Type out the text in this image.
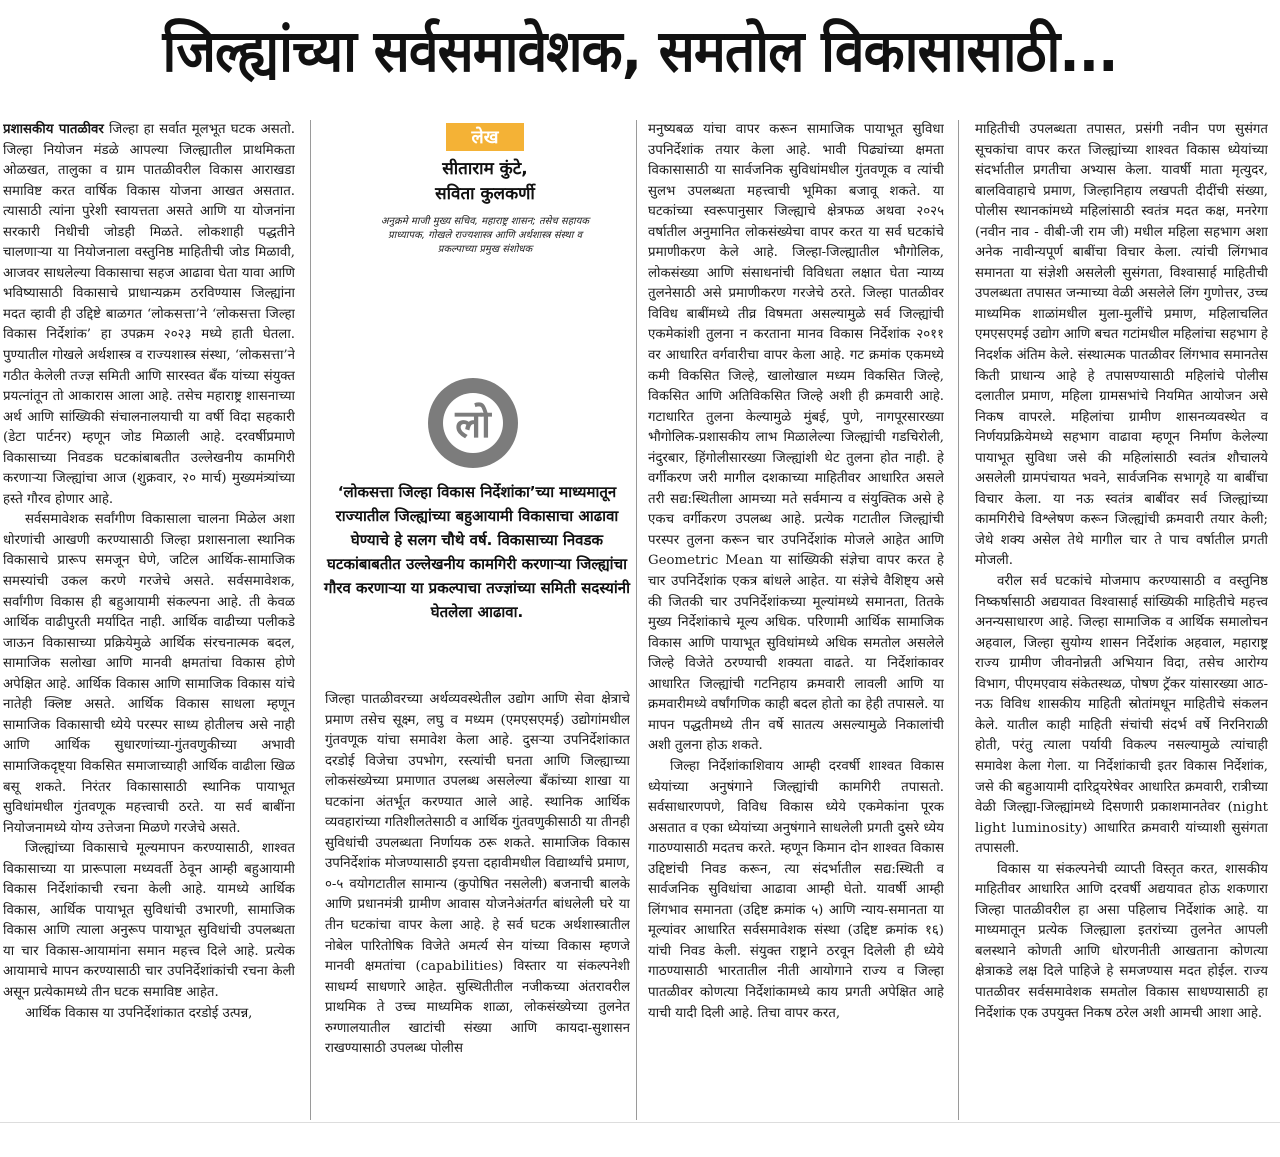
जिल्ह्यांच्या सर्वसमावेशक, समतोल विकासासाठी...

प्रशासकीय पातळीवर जिल्हा हा सर्वात मूलभूत घटक असतो. जिल्हा नियोजन मंडळे आपल्या जिल्ह्यातील प्राथमिकता ओळखत, तालुका व ग्राम पातळीवरील विकास आराखडा समाविष्ट करत वार्षिक विकास योजना आखत असतात. त्यासाठी त्यांना पुरेशी स्वायत्तता असते आणि या योजनांना सरकारी निधीची जोडही मिळते. लोकशाही पद्धतीने चालणाऱ्या या नियोजनाला वस्तुनिष्ठ माहितीची जोड मिळावी, आजवर साधलेल्या विकासाचा सहज आढावा घेता यावा आणि भविष्यासाठी विकासाचे प्राधान्यक्रम ठरविण्यास जिल्ह्यांना मदत व्हावी ही उद्दिष्टे बाळगत ‘लोकसत्ता’ने ‘लोकसत्ता जिल्हा विकास निर्देशांक’ हा उपक्रम २०२३ मध्ये हाती घेतला. पुण्यातील गोखले अर्थशास्त्र व राज्यशास्त्र संस्था, ‘लोकसत्ता’ने गठीत केलेली तज्ज्ञ समिती आणि सारस्वत बँक यांच्या संयुक्त प्रयत्नांतून तो आकारास आला आहे. तसेच महाराष्ट्र शासनाच्या अर्थ आणि सांख्यिकी संचालनालयाची या वर्षी विदा सहकारी (डेटा पार्टनर) म्हणून जोड मिळाली आहे. दरवर्षीप्रमाणे विकासाच्या निवडक घटकांबाबतीत उल्लेखनीय कामगिरी करणाऱ्या जिल्ह्यांचा आज (शुक्रवार, २० मार्च) मुख्यमंत्र्यांच्या हस्ते गौरव होणार आहे.

सर्वसमावेशक सर्वांगीण विकासाला चालना मिळेल अशा धोरणांची आखणी करण्यासाठी जिल्हा प्रशासनाला स्थानिक विकासाचे प्रारूप समजून घेणे, जटिल आर्थिक-सामाजिक समस्यांची उकल करणे गरजेचे असते. सर्वसमावेशक, सर्वांगीण विकास ही बहुआयामी संकल्पना आहे. ती केवळ आर्थिक वाढीपुरती मर्यादित नाही. आर्थिक वाढीच्या पलीकडे जाऊन विकासाच्या प्रक्रियेमुळे आर्थिक संरचनात्मक बदल, सामाजिक सलोखा आणि मानवी क्षमतांचा विकास होणे अपेक्षित आहे. आर्थिक विकास आणि सामाजिक विकास यांचे नातेही क्लिष्ट असते. आर्थिक विकास साधला म्हणून सामाजिक विकासाची ध्येये परस्पर साध्य होतीलच असे नाही आणि आर्थिक सुधारणांच्या-गुंतवणुकीच्या अभावी सामाजिकदृष्ट्या विकसित समाजाच्याही आर्थिक वाढीला खिळ बसू शकते. निरंतर विकासासाठी स्थानिक पायाभूत सुविधांमधील गुंतवणूक महत्त्वाची ठरते. या सर्व बाबींना नियोजनामध्ये योग्य उत्तेजना मिळणे गरजेचे असते.

जिल्ह्यांच्या विकासाचे मूल्यमापन करण्यासाठी, शाश्वत विकासाच्या या प्रारूपाला मध्यवर्ती ठेवून आम्ही बहुआयामी विकास निर्देशांकाची रचना केली आहे. यामध्ये आर्थिक विकास, आर्थिक पायाभूत सुविधांची उभारणी, सामाजिक विकास आणि त्याला अनुरूप पायाभूत सुविधांची उपलब्धता या चार विकास-आयामांना समान महत्त्व दिले आहे. प्रत्येक आयामाचे मापन करण्यासाठी चार उपनिर्देशांकांची रचना केली असून प्रत्येकामध्ये तीन घटक समाविष्ट आहेत.

आर्थिक विकास या उपनिर्देशांकात दरडोई उत्पन्न,

लेख
सीताराम कुंटे,
सविता कुलकर्णी
अनुक्रमे माजी मुख्य सचिव, महाराष्ट्र शासन; तसेच सहायक प्राध्यापक, गोखले राज्यशास्त्र आणि अर्थशास्त्र संस्था व प्रकल्पाच्या प्रमुख संशोधक
लो
‘लोकसत्ता जिल्हा विकास निर्देशांका’च्या माध्यमातून राज्यातील जिल्ह्यांच्या बहुआयामी विकासाचा आढावा घेण्याचे हे सलग चौथे वर्ष. विकासाच्या निवडक घटकांबाबतीत उल्लेखनीय कामगिरी करणाऱ्या जिल्ह्यांचा गौरव करणाऱ्या या प्रकल्पाचा तज्ज्ञांच्या समिती सदस्यांनी घेतलेला आढावा.

जिल्हा पातळीवरच्या अर्थव्यवस्थेतील उद्योग आणि सेवा क्षेत्राचे प्रमाण तसेच सूक्ष्म, लघु व मध्यम (एमएसएमई) उद्योगांमधील गुंतवणूक यांचा समावेश केला आहे. दुसऱ्या उपनिर्देशांकात दरडोई विजेचा उपभोग, रस्त्यांची घनता आणि जिल्ह्याच्या लोकसंख्येच्या प्रमाणात उपलब्ध असलेल्या बँकांच्या शाखा या घटकांना अंतर्भूत करण्यात आले आहे. स्थानिक आर्थिक व्यवहारांच्या गतिशीलतेसाठी व आर्थिक गुंतवणुकीसाठी या तीनही सुविधांची उपलब्धता निर्णायक ठरू शकते. सामाजिक विकास उपनिर्देशांक मोजण्यासाठी इयत्ता दहावीमधील विद्यार्थ्यांचे प्रमाण, ०-५ वयोगटातील सामान्य (कुपोषित नसलेली) बजनाची बालके आणि प्रधानमंत्री ग्रामीण आवास योजनेअंतर्गत बांधलेली घरे या तीन घटकांचा वापर केला आहे. हे सर्व घटक अर्थशास्त्रातील नोबेल पारितोषिक विजेते अमर्त्य सेन यांच्या विकास म्हणजे मानवी क्षमतांचा (capabilities) विस्तार या संकल्पनेशी साधर्म्य साधणारे आहेत. सुस्थितीतील नजीकच्या अंतरावरील प्राथमिक ते उच्च माध्यमिक शाळा, लोकसंख्येच्या तुलनेत रुग्णालयातील खाटांची संख्या आणि कायदा-सुशासन राखण्यासाठी उपलब्ध पोलीस

मनुष्यबळ यांचा वापर करून सामाजिक पायाभूत सुविधा उपनिर्देशांक तयार केला आहे. भावी पिढ्यांच्या क्षमता विकासासाठी या सार्वजनिक सुविधांमधील गुंतवणूक व त्यांची सुलभ उपलब्धता महत्त्वाची भूमिका बजावू शकते. या घटकांच्या स्वरूपानुसार जिल्ह्याचे क्षेत्रफळ अथवा २०२५ वर्षातील अनुमानित लोकसंख्येचा वापर करत या सर्व घटकांचे प्रमाणीकरण केले आहे. जिल्हा-जिल्ह्यातील भौगोलिक, लोकसंख्या आणि संसाधनांची विविधता लक्षात घेता न्याय्य तुलनेसाठी असे प्रमाणीकरण गरजेचे ठरते. जिल्हा पातळीवर विविध बाबींमध्ये तीव्र विषमता असल्यामुळे सर्व जिल्ह्यांची एकमेकांशी तुलना न करताना मानव विकास निर्देशांक २०११ वर आधारित वर्गवारीचा वापर केला आहे. गट क्रमांक एकमध्ये कमी विकसित जिल्हे, खालोखाल मध्यम विकसित जिल्हे, विकसित आणि अतिविकसित जिल्हे अशी ही क्रमवारी आहे. गटाधारित तुलना केल्यामुळे मुंबई, पुणे, नागपूरसारख्या भौगोलिक-प्रशासकीय लाभ मिळालेल्या जिल्ह्यांची गडचिरोली, नंदुरबार, हिंगोलीसारख्या जिल्ह्यांशी थेट तुलना होत नाही. हे वर्गीकरण जरी मागील दशकाच्या माहितीवर आधारित असले तरी सद्य:स्थितीला आमच्या मते सर्वमान्य व संयुक्तिक असे हे एकच वर्गीकरण उपलब्ध आहे. प्रत्येक गटातील जिल्ह्यांची परस्पर तुलना करून चार उपनिर्देशांक मोजले आहेत आणि Geometric Mean या सांख्यिकी संज्ञेचा वापर करत हे चार उपनिर्देशांक एकत्र बांधले आहेत. या संज्ञेचे वैशिष्ट्य असे की जितकी चार उपनिर्देशांकच्या मूल्यांमध्ये समानता, तितके मुख्य निर्देशांकाचे मूल्य अधिक. परिणामी आर्थिक सामाजिक विकास आणि पायाभूत सुविधांमध्ये अधिक समतोल असलेले जिल्हे विजेते ठरण्याची शक्यता वाढते. या निर्देशांकावर आधारित जिल्ह्यांची गटनिहाय क्रमवारी लावली आणि या क्रमवारीमध्ये वर्षांगणिक काही बदल होतो का हेही तपासले. या मापन पद्धतीमध्ये तीन वर्षे सातत्य असल्यामुळे निकालांची अशी तुलना होऊ शकते.

जिल्हा निर्देशांकाशिवाय आम्ही दरवर्षी शाश्वत विकास ध्येयांच्या अनुषंगाने जिल्ह्यांची कामगिरी तपासतो. सर्वसाधारणपणे, विविध विकास ध्येये एकमेकांना पूरक असतात व एका ध्येयांच्या अनुषंगाने साधलेली प्रगती दुसरे ध्येय गाठण्यासाठी मदतच करते. म्हणून किमान दोन शाश्वत विकास उद्दिष्टांची निवड करून, त्या संदर्भातील सद्य:स्थिती व सार्वजनिक सुविधांचा आढावा आम्ही घेतो. यावर्षी आम्ही लिंगभाव समानता (उद्दिष्ट क्रमांक ५) आणि न्याय-समानता या मूल्यांवर आधारित सर्वसमावेशक संस्था (उद्दिष्ट क्रमांक १६) यांची निवड केली. संयुक्त राष्ट्राने ठरवून दिलेली ही ध्येये गाठण्यासाठी भारतातील नीती आयोगाने राज्य व जिल्हा पातळीवर कोणत्या निर्देशांकामध्ये काय प्रगती अपेक्षित आहे याची यादी दिली आहे. तिचा वापर करत,

माहितीची उपलब्धता तपासत, प्रसंगी नवीन पण सुसंगत सूचकांचा वापर करत जिल्ह्यांच्या शाश्वत विकास ध्येयांच्या संदर्भातील प्रगतीचा अभ्यास केला. यावर्षी माता मृत्युदर, बालविवाहाचे प्रमाण, जिल्हानिहाय लखपती दीदींची संख्या, पोलीस स्थानकांमध्ये महिलांसाठी स्वतंत्र मदत कक्ष, मनरेगा (नवीन नाव - वीबी-जी राम जी) मधील महिला सहभाग अशा अनेक नावीन्यपूर्ण बाबींचा विचार केला. त्यांची लिंगभाव समानता या संज्ञेशी असलेली सुसंगता, विश्वासार्ह माहितीची उपलब्धता तपासत जन्माच्या वेळी असलेले लिंग गुणोत्तर, उच्च माध्यमिक शाळांमधील मुला-मुलींचे प्रमाण, महिलाचलित एमएसएमई उद्योग आणि बचत गटांमधील महिलांचा सहभाग हे निदर्शक अंतिम केले. संस्थात्मक पातळीवर लिंगभाव समानतेस किती प्राधान्य आहे हे तपासण्यासाठी महिलांचे पोलीस दलातील प्रमाण, महिला ग्रामसभांचे नियमित आयोजन असे निकष वापरले. महिलांचा ग्रामीण शासनव्यवस्थेत व निर्णयप्रक्रियेमध्ये सहभाग वाढावा म्हणून निर्माण केलेल्या पायाभूत सुविधा जसे की महिलांसाठी स्वतंत्र शौचालये असलेली ग्रामपंचायत भवने, सार्वजनिक सभागृहे या बाबींचा विचार केला. या नऊ स्वतंत्र बाबींवर सर्व जिल्ह्यांच्या कामगिरीचे विश्लेषण करून जिल्ह्यांची क्रमवारी तयार केली; जेथे शक्य असेल तेथे मागील चार ते पाच वर्षातील प्रगती मोजली.

वरील सर्व घटकांचे मोजमाप करण्यासाठी व वस्तुनिष्ठ निष्कर्षासाठी अद्ययावत विश्वासार्ह सांख्यिकी माहितीचे महत्त्व अनन्यसाधारण आहे. जिल्हा सामाजिक व आर्थिक समालोचन अहवाल, जिल्हा सुयोग्य शासन निर्देशांक अहवाल, महाराष्ट्र राज्य ग्रामीण जीवनोन्नती अभियान विदा, तसेच आरोग्य विभाग, पीएमएवाय संकेतस्थळ, पोषण ट्रॅकर यांसारख्या आठ-नऊ विविध शासकीय माहिती स्रोतांमधून माहितीचे संकलन केले. यातील काही माहिती संचांची संदर्भ वर्षे निरनिराळी होती, परंतु त्याला पर्यायी विकल्प नसल्यामुळे त्यांचाही समावेश केला गेला. या निर्देशांकाची इतर विकास निर्देशांक, जसे की बहुआयामी दारिद्र्यरेषेवर आधारित क्रमवारी, रात्रीच्या वेळी जिल्ह्या-जिल्ह्यांमध्ये दिसणारी प्रकाशमानतेवर (night light luminosity) आधारित क्रमवारी यांच्याशी सुसंगता तपासली.

विकास या संकल्पनेची व्याप्ती विस्तृत करत, शासकीय माहितीवर आधारित आणि दरवर्षी अद्ययावत होऊ शकणारा जिल्हा पातळीवरील हा असा पहिलाच निर्देशांक आहे. या माध्यमातून प्रत्येक जिल्ह्याला इतरांच्या तुलनेत आपली बलस्थाने कोणती आणि धोरणनीती आखताना कोणत्या क्षेत्राकडे लक्ष दिले पाहिजे हे समजण्यास मदत होईल. राज्य पातळीवर सर्वसमावेशक समतोल विकास साधण्यासाठी हा निर्देशांक एक उपयुक्त निकष ठरेल अशी आमची आशा आहे.
